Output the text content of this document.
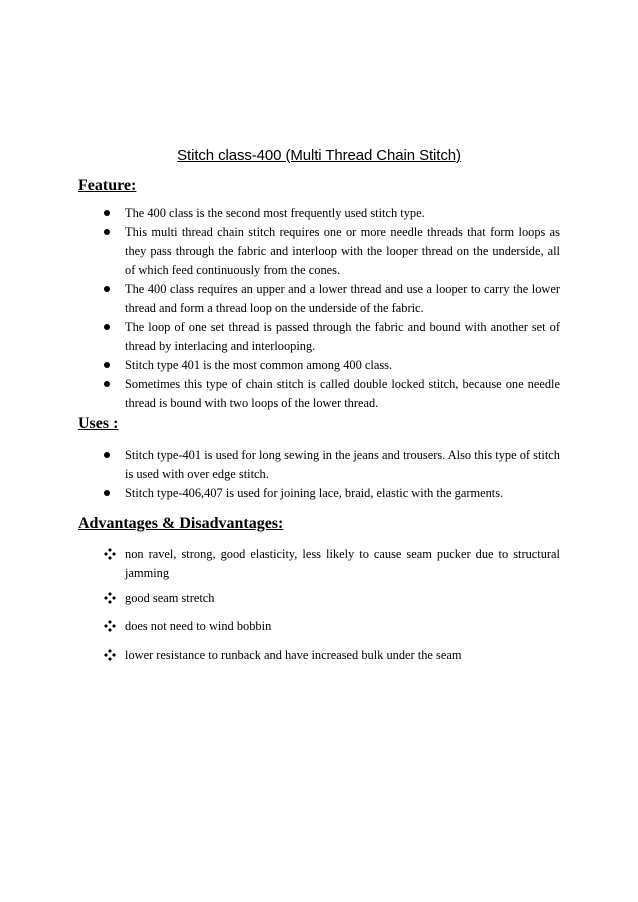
Stitch class-400 (Multi Thread Chain Stitch)
Feature:
The 400 class is the second most frequently used stitch type.
This multi thread chain stitch requires one or more needle threads that form loops as they pass through the fabric and interloop with the looper thread on the underside, all of which feed continuously from the cones.
The 400 class requires an upper and a lower thread and use a looper to carry the lower thread and form a thread loop on the underside of the fabric.
The loop of one set thread is passed through the fabric and bound with another set of thread by interlacing and interlooping.
Stitch type 401 is the most common among 400 class.
Sometimes this type of chain stitch is called double locked stitch, because one needle thread is bound with two loops of the lower thread.
Uses :
Stitch type-401 is used for long sewing in the jeans and trousers. Also this type of stitch is used with over edge stitch.
Stitch type-406,407 is used for joining lace, braid, elastic with the garments.
Advantages & Disadvantages:
non ravel, strong, good elasticity, less likely to cause seam pucker due to structural jamming
good seam stretch
does not need to wind bobbin
lower resistance to runback and have increased bulk under the seam
